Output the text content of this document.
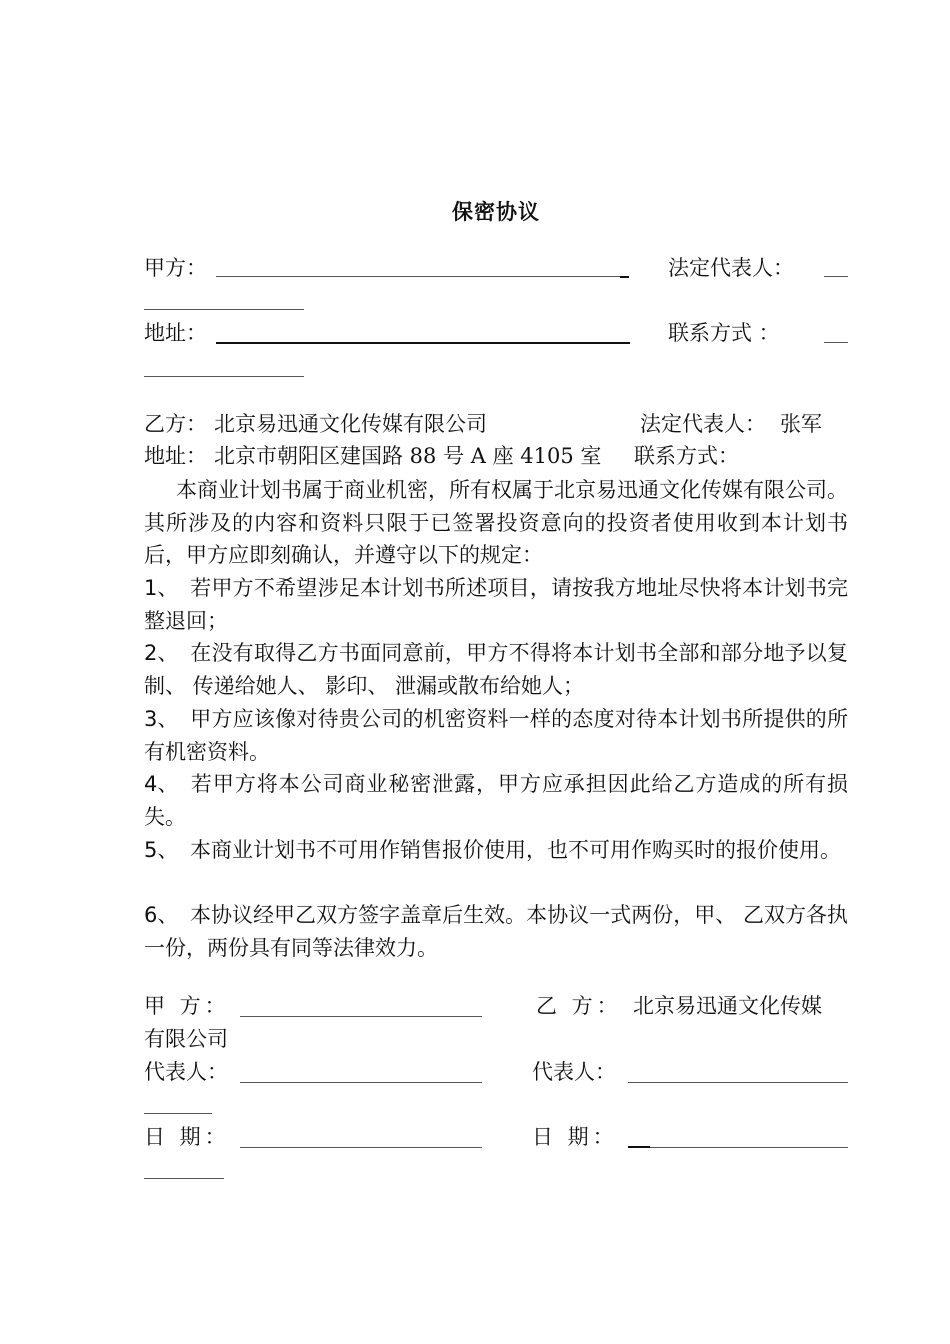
保密协议
甲方：	法定代表人：
地址：	联系方式 ：
乙方： 北京易迅通文化传媒有限公司	法定代表人： 张军
地址： 北京市朝阳区建国路 88 号 A 座 4105 室 联系方式：
本商业计划书属于商业机密，所有权属于北京易迅通文化传媒有限公司。其所涉及的内容和资料只限于已签署投资意向的投资者使用收到本计划书后，甲方应即刻确认，并遵守以下的规定：
1、 若甲方不希望涉足本计划书所述项目，请按我方地址尽快将本计划书完整退回；
2、 在没有取得乙方书面同意前，甲方不得将本计划书全部和部分地予以复制、 传递给她人、 影印、 泄漏或散布给她人；
3、 甲方应该像对待贵公司的机密资料一样的态度对待本计划书所提供的所有机密资料。
4、 若甲方将本公司商业秘密泄露，甲方应承担因此给乙方造成的所有损失。
5、 本商业计划书不可用作销售报价使用，也不可用作购买时的报价使用。
6、 本协议经甲乙双方签字盖章后生效。本协议一式两份，甲、 乙双方各执一份，两份具有同等法律效力。
甲 方：	乙 方： 北京易迅通文化传媒
有限公司
代表人：	代表人：
日 期：	日 期：
